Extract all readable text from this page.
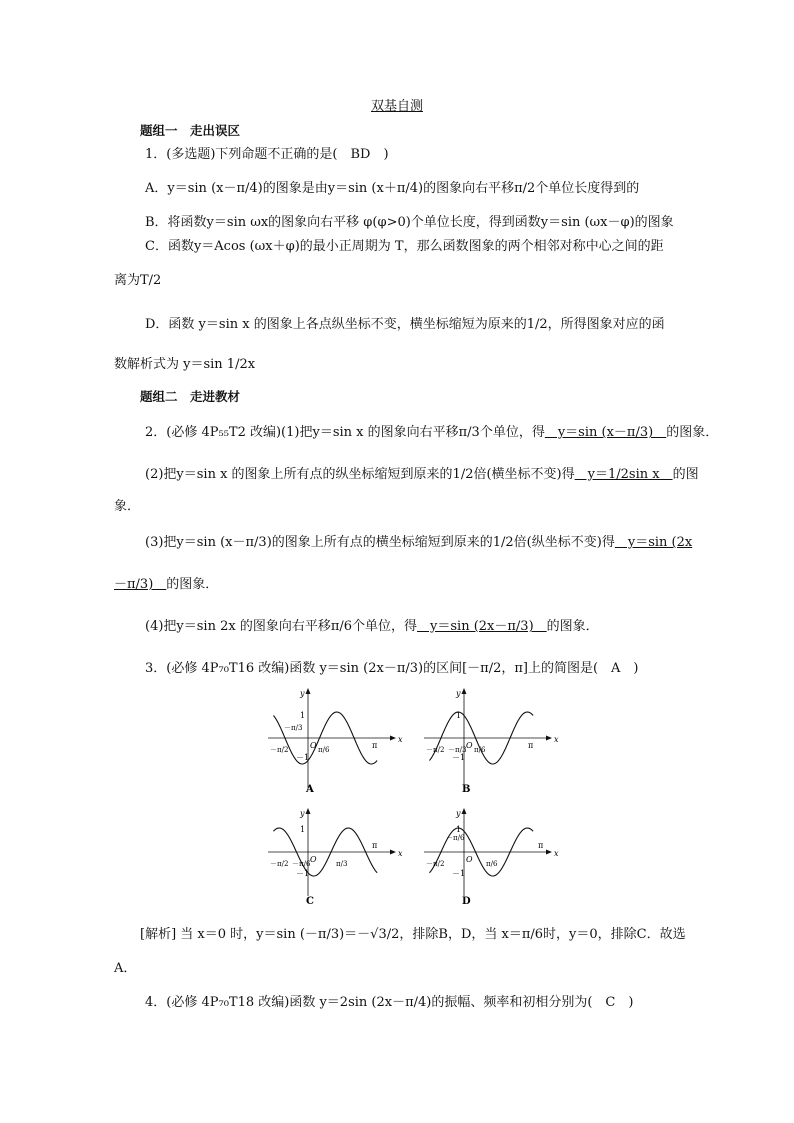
双基自测
题组一　走出误区
1．(多选题)下列命题不正确的是(　BD　)
A．y＝sin (x－π/4)的图象是由y＝sin (x＋π/4)的图象向右平移π/2个单位长度得到的
B．将函数y＝sin ωx的图象向右平移 φ(φ>0)个单位长度，得到函数y＝sin (ωx－φ)的图象
C．函数y＝Acos (ωx＋φ)的最小正周期为 T，那么函数图象的两个相邻对称中心之间的距
离为T/2
D．函数 y＝sin x 的图象上各点纵坐标不变，横坐标缩短为原来的1/2，所得图象对应的函
数解析式为 y＝sin 1/2x
题组二　走进教材
2．(必修 4P₅₅T2 改编)(1)把y＝sin x 的图象向右平移π/3个单位，得　y＝sin (x－π/3)　的图象．
(2)把y＝sin x 的图象上所有点的纵坐标缩短到原来的1/2倍(横坐标不变)得　y＝1/2sin x　的图
象．
(3)把y＝sin (x－π/3)的图象上所有点的横坐标缩短到原来的1/2倍(纵坐标不变)得　y＝sin (2x
－π/3)　的图象．
(4)把y＝sin 2x 的图象向右平移π/6个单位，得　y＝sin (2x－π/3)　的图象．
3．(必修 4P₇₀T16 改编)函数 y＝sin (2x－π/3)的区间[－π/2，π]上的简图是(　A　)
y
x
1
－1
O
－π/3
－π/2	π/6	π
A
y
x
1
－1
O
－π/3
－π/2	π/6	π
B
y
x
1
－1
O
－π/6
－π/2	π/3
π
C
y
x
1
－1
O
－π/6
－π/2	π/6
π
D
[解析] 当 x＝0 时，y＝sin (－π/3)＝－√3/2，排除B，D，当 x＝π/6时，y＝0，排除C．故选
A．
4．(必修 4P₇₀T18 改编)函数 y＝2sin (2x－π/4)的振幅、频率和初相分别为(　C　)
